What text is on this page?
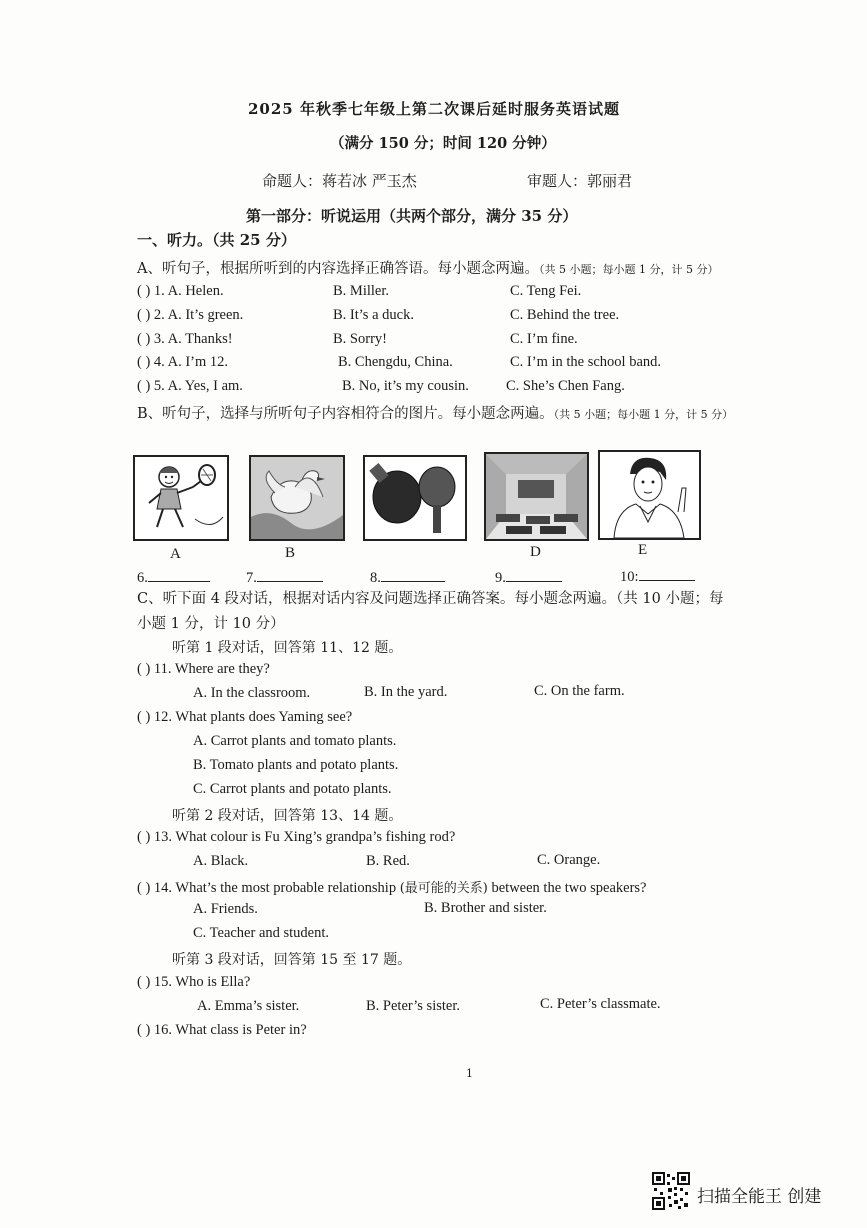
2025 年秋季七年级上第二次课后延时服务英语试题
（满分 150 分；时间 120 分钟）
命题人：蒋若冰 严玉杰	审题人：郭丽君
第一部分：听说运用（共两个部分，满分 35 分）
一、听力。（共 25 分）
A、听句子，根据所听到的内容选择正确答语。每小题念两遍。（共 5 小题；每小题 1 分，计 5 分）
( ) 1. A. Helen.	B. Miller.	C. Teng Fei.
( ) 2. A. It’s green.	B. It’s a duck.	C. Behind the tree.
( ) 3. A. Thanks!	B. Sorry!	C. I’m fine.
( ) 4. A. I’m 12.	B. Chengdu, China.	C. I’m in the school band.
( ) 5. A. Yes, I am.	B. No, it’s my cousin.	C. She’s Chen Fang.
B、听句子，选择与所听句子内容相符合的图片。每小题念两遍。（共 5 小题；每小题 1 分，计 5 分）
A	B	D	E
6.	7.	8.	9.	10:
C、听下面 4 段对话，根据对话内容及问题选择正确答案。每小题念两遍。（共 10 小题；每
小题 1 分，计 10 分）
听第 1 段对话，回答第 11、12 题。
( ) 11. Where are they?
A. In the classroom.	B. In the yard.	C. On the farm.
( ) 12. What plants does Yaming see?
A. Carrot plants and tomato plants.
B. Tomato plants and potato plants.
C. Carrot plants and potato plants.
听第 2 段对话，回答第 13、14 题。
( ) 13. What colour is Fu Xing’s grandpa’s fishing rod?
A. Black.	B. Red.	C. Orange.
( ) 14. What’s the most probable relationship (最可能的关系) between the two speakers?
A. Friends.	B. Brother and sister.
C. Teacher and student.
听第 3 段对话，回答第 15 至 17 题。
( ) 15. Who is Ella?
A. Emma’s sister.	B. Peter’s sister.	C. Peter’s classmate.
( ) 16. What class is Peter in?
1
扫描全能王 创建
